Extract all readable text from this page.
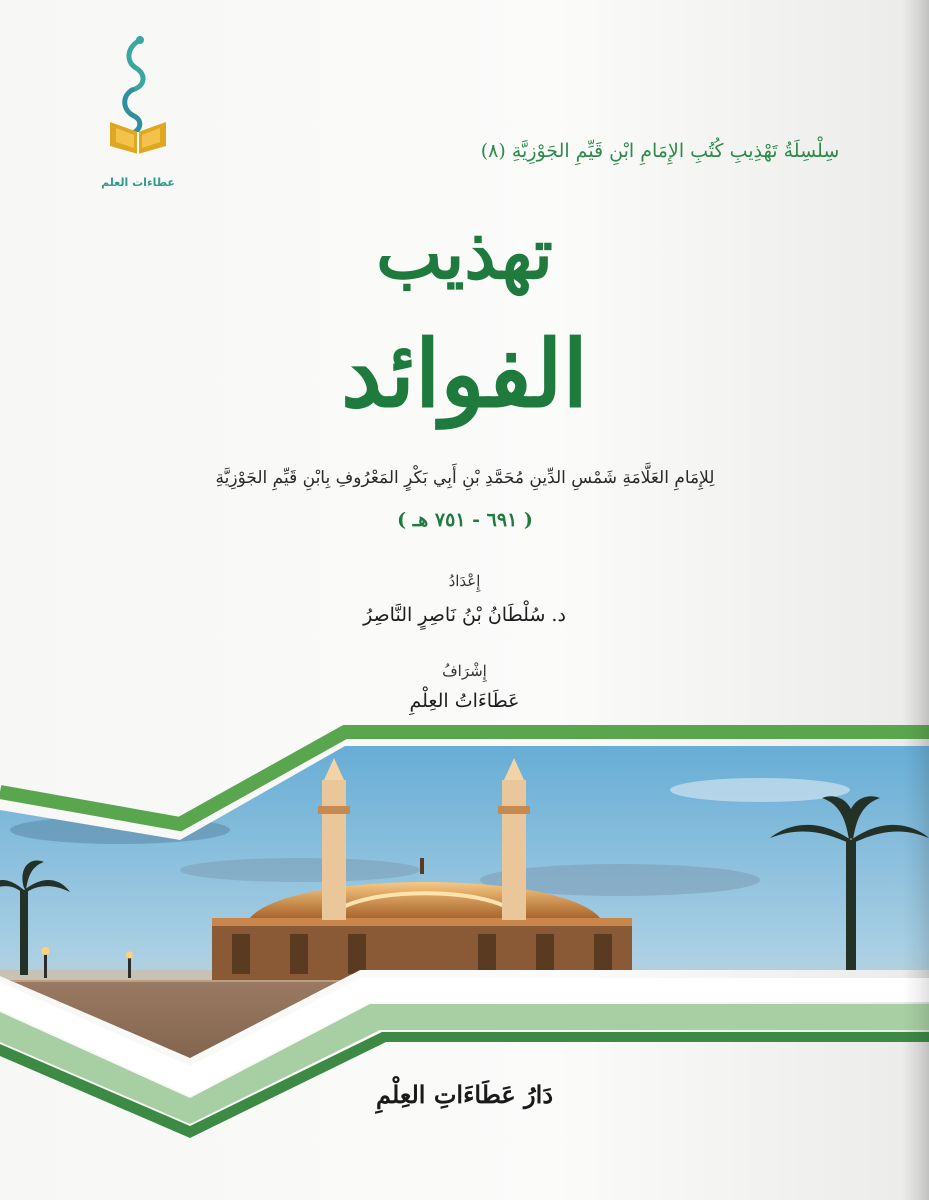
عطاءات العلم
سِلْسِلَةُ تَهْذِيبِ كُتُبِ الإِمَامِ ابْنِ قَيِّمِ الجَوْزِيَّةِ (٨)
تهذيب
الفوائد
لِلإِمَامِ العَلَّامَةِ شَمْسِ الدِّينِ مُحَمَّدِ بْنِ أَبِي بَكْرٍ المَعْرُوفِ بِابْنِ قَيِّمِ الجَوْزِيَّةِ
( ٦٩١ - ٧٥١ هـ )
إِعْدَادُ
د. سُلْطَانُ بْنُ نَاصِرٍ النَّاصِرُ
إِشْرَافُ
عَطَاءَاتُ العِلْمِ
دَارُ عَطَاءَاتِ العِلْمِ
